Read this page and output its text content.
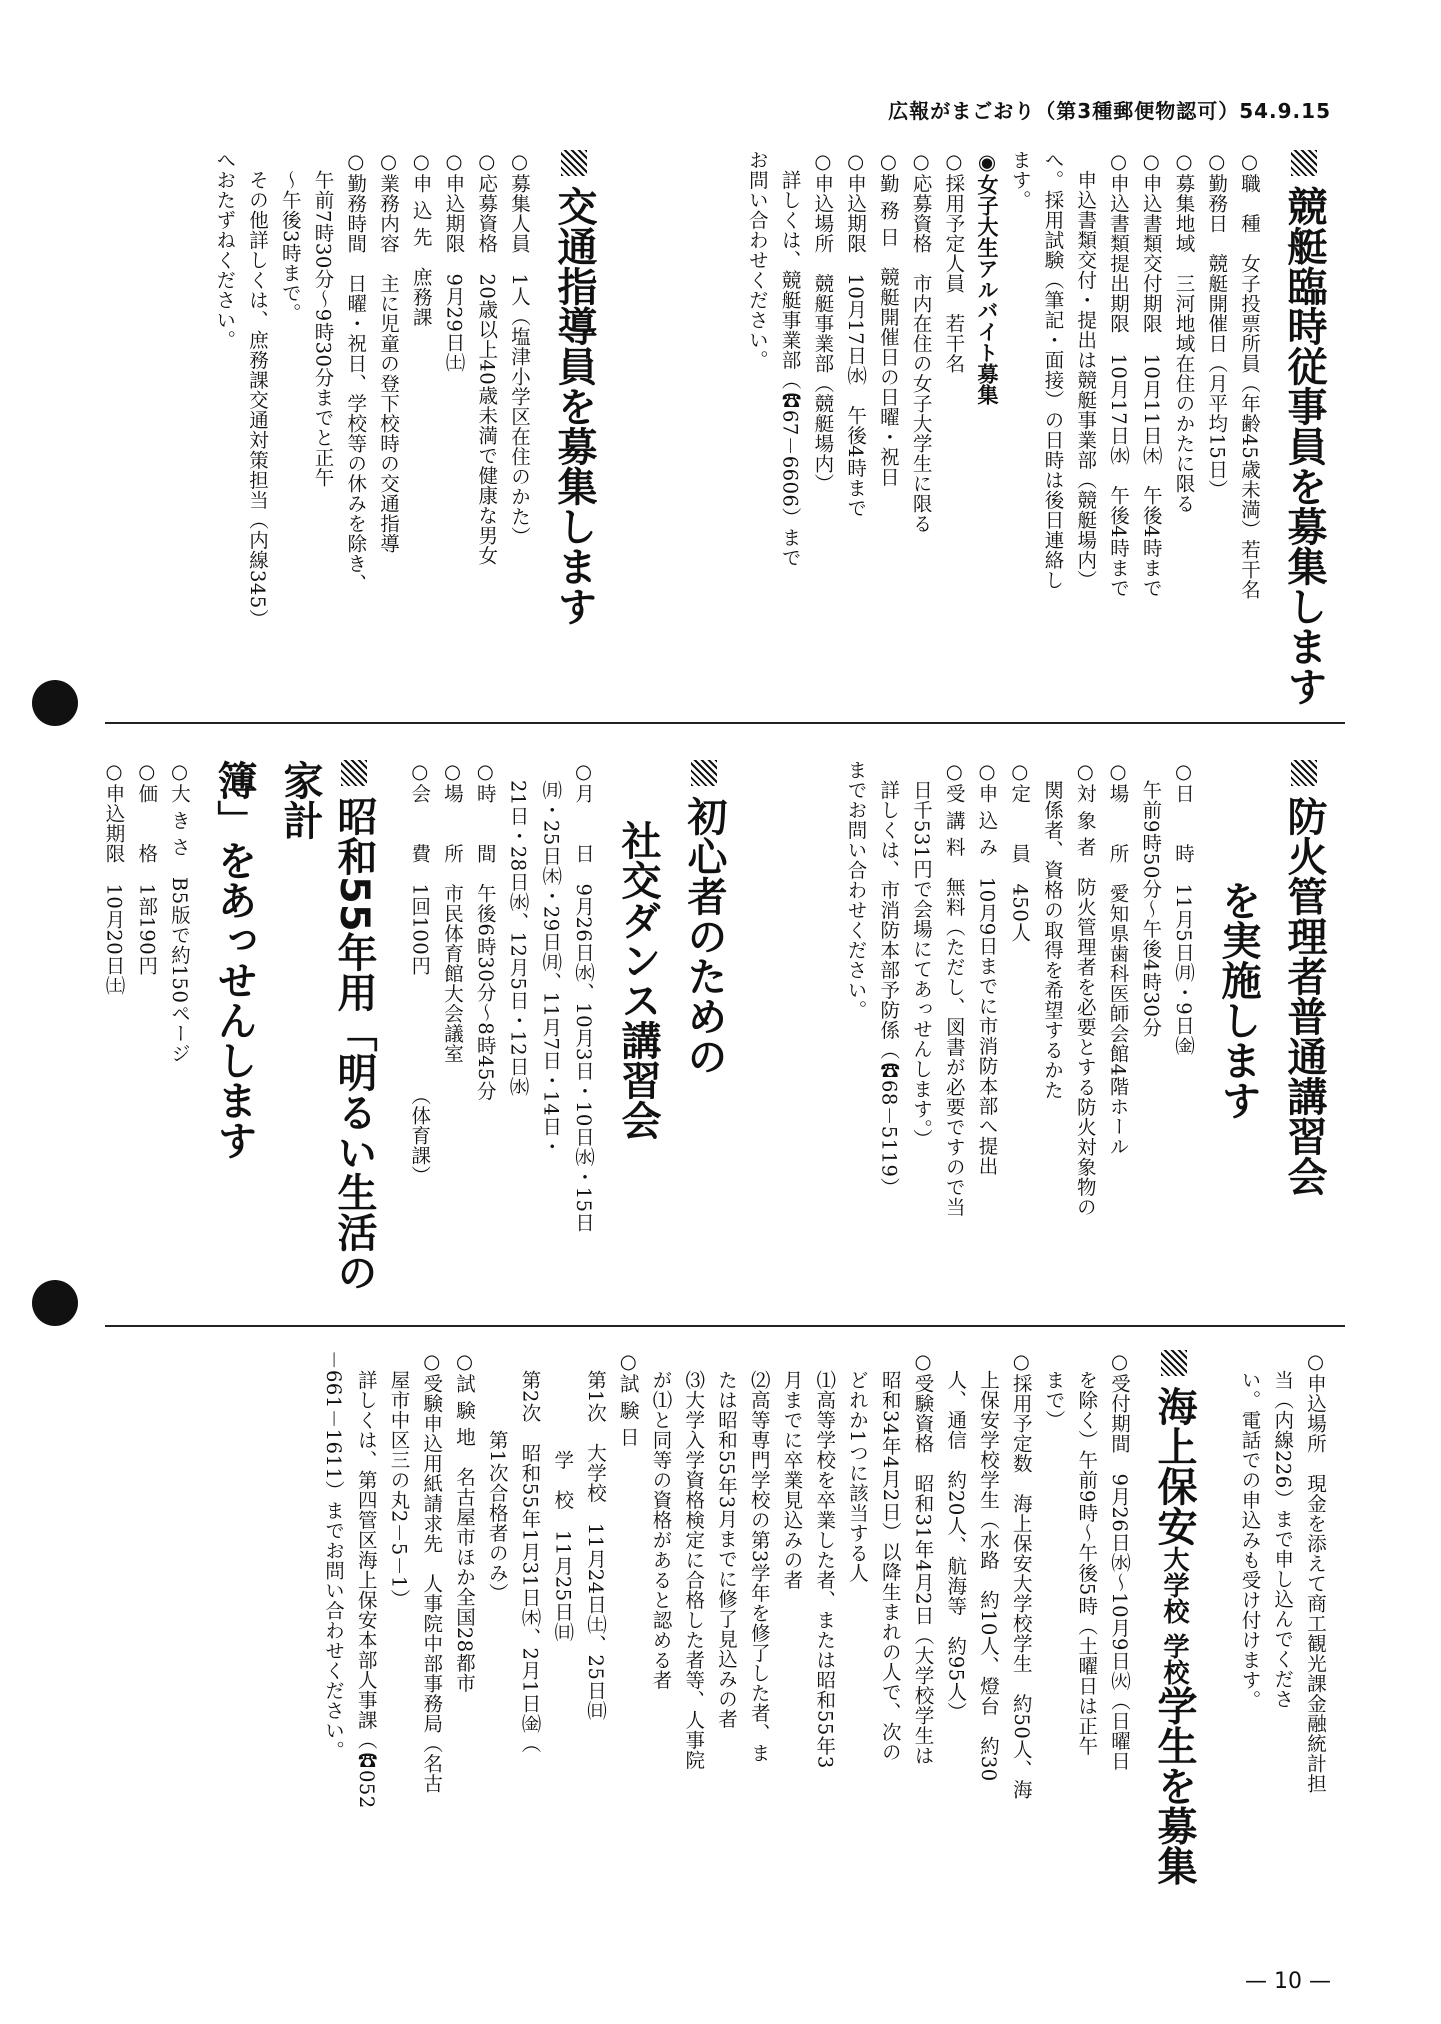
広報がまごおり（第3種郵便物認可）54.9.15
競艇臨時従事員を募集します
○職　種　女子投票所員（年齢45歳未満）若干名
○勤務日　競艇開催日（月平均15日）
○募集地域　三河地域在住のかたに限る
○申込書類交付期限　10月11日㈭　午後4時まで
○申込書類提出期限　10月17日㈬　午後4時まで
　申込書類交付・提出は競艇事業部（競艇場内）
へ。採用試験（筆記・面接）の日時は後日連絡し
ます。
◉女子大生アルバイト募集
○採用予定人員　若干名
○応募資格　市内在住の女子大学生に限る
○勤 務 日　競艇開催日の日曜・祝日
○申込期限　10月17日㈬　午後4時まで
○申込場所　競艇事業部（競艇場内）
　詳しくは、競艇事業部（☎67－6606）まで
お問い合わせください。
交通指導員を募集します
○募集人員　1人（塩津小学区在住のかた）
○応募資格　20歳以上40歳未満で健康な男女
○申込期限　9月29日㈯
○申 込 先　庶務課
○業務内容　主に児童の登下校時の交通指導
○勤務時間　日曜・祝日、学校等の休みを除き、
　午前7時30分～9時30分までと正午
　～午後3時まで。
　その他詳しくは、庶務課交通対策担当（内線345）
へおたずねください。
防火管理者普通講習会
を実施します
○日　　時　11月5日㈪・9日㈮
　午前9時50分～午後4時30分
○場　　所　愛知県歯科医師会館4階ホール
○対 象 者　防火管理者を必要とする防火対象物の
　関係者、資格の取得を希望するかた
○定　　員　450人
○申 込 み　10月9日までに市消防本部へ提出
○受 講 料　無料（ただし、図書が必要ですので当
　日千531円で会場にてあっせんします。）
　詳しくは、市消防本部予防係（☎68－5119）
までお問い合わせください。
初心者のための
社交ダンス講習会
○月　　日　9月26日㈬、10月3日・10日㈬・15日
　㈪・25日㈭・29日㈪、11月7日・14日・
　21日・28日㈬、12月5日・12日㈬
○時　　間　午後6時30分～8時45分
○場　　所　市民体育館大会議室
○会　　費　1回100円　　　　　　（体育課）
昭和55年用「明るい生活の家計
簿」をあっせんします
○大 き さ　B5版で約150ページ
○価　　格　1部190円
○申込期限　10月20日㈯
○申込場所　現金を添えて商工観光課金融統計担
　当（内線226）まで申し込んでくださ
　い。電話での申込みも受け付けます。
海上保安大学校 学校学生を募集
○受付期間　9月26日㈬～10月9日㈫（日曜日
　を除く）午前9時～午後5時（土曜日は正午
　まで）
○採用予定数　海上保安大学校学生　約50人、海
　上保安学校学生（水路　約10人、燈台　約30
　人、通信　約20人、航海等　約95人）
○受験資格　昭和31年4月2日（大学校学生は
　昭和34年4月2日）以降生まれの人で、次の
　どれか1つに該当する人
　⑴高等学校を卒業した者、または昭和55年3
　月までに卒業見込みの者
　⑵高等専門学校の第3学年を修了した者、ま
　たは昭和55年3月までに修了見込みの者
　⑶大学入学資格検定に合格した者等、人事院
　が⑴と同等の資格があると認める者
○試 験 日
　第1次　大学校　11月24日㈯、25日㈰
　　　　　学　校　11月25日㈰
　第2次　昭和55年1月31日㈭、2月1日㈮（
　　　　第1次合格者のみ）
○試 験 地　名古屋市ほか全国28都市
○受験申込用紙請求先　人事院中部事務局（名古
　屋市中区三の丸2－5－1）
　詳しくは、第四管区海上保安本部人事課（☎052
－661－1611）までお問い合わせください。
— 10 —
